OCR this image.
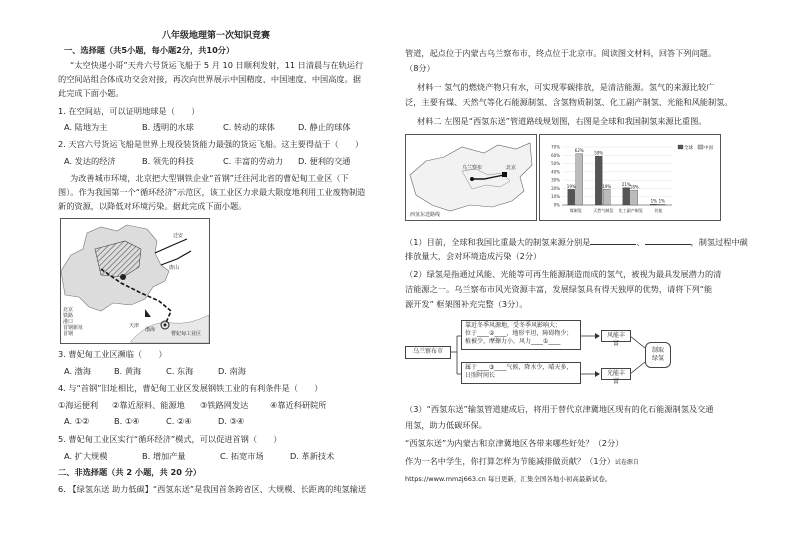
八年级地理第一次知识竞赛
一、选择题（共5小题，每小题2分，共10分）
“太空快递小哥”天舟六号货运飞船于 5 月 10 日顺利发射，11 日清晨与在轨运行
的空间站组合体成功交会对接，再次向世界展示中国精度、中国速度、中国高度。据
此完成下面小题。
1. 在空间站，可以证明地球是（　　）
A. 陆地为主	B. 透明的水球	C. 转动的球体	D. 静止的球体
2. 天宫六号货运飞船是世界上现役装货能力最强的货运飞船。这主要得益于（　　）
A. 发达的经济	B. 领先的科技	C. 丰富的劳动力 D. 便利的交通
为改善城市环境，北京把大型钢铁企业“首钢”迁往河北省的曹妃甸工业区（下
图）。作为我国第一个“循环经济”示范区，该工业区力求最大限度地利用工业废物制造
新的资源，以降低对环境污染。据此完成下面小题。
迁安
唐山
天津
渤海
曹妃甸工业区
北京
铁路
港口
首钢新址
首钢
3. 曹妃甸工业区濒临（　　）
A. 渤海	B. 黄海	C. 东海	D. 南海
4. 与“首钢”旧址相比，曹妃甸工业区发展钢铁工业的有利条件是（　　）
①海运便利 ②靠近原料、能源地 ③铁路网发达	④靠近科研院所
A. ①②	B. ①④	C. ②④	D. ③④
5. 曹妃甸工业区实行“循环经济”模式，可以促进首钢（　　）
A. 扩大规模	B. 增加产量	C. 拓宽市场	D. 革新技术
二、非选择题（共 2 小题，共 20 分）
6. 【绿氢东送 助力低碳】“西氢东送”是我国首条跨省区、大规模、长距离的纯氢输送
管道，起点位于内蒙古乌兰察布市，终点位于北京市。阅读图文材料，回答下列问题。
（8分）
材料一 氢气的燃烧产物只有水，可实现零碳排放，是清洁能源。氢气的来源比较广
泛，主要有煤、天然气等化石能源制氢、含氢物质制氢、化工副产制氢、光能和风能制氢。
材料二 左图是“西氢东送”管道路线规划图，右图是全球和我国制氢来源比重图。
乌兰察布	北京
西氢东送路线
0%
10%
20%
30%
40%
50%
60%
70%
19%
62%
煤制氢
59%
19%
天然气制氢
21% 18%
化工副产制氢
1% 1%
其他
全球 中国
（1）目前，全球和我国比重最大的制氢来源分别是	、	，制氢过程中碳
排放量大，会对环境造成污染（2分）
（2）绿氢是指通过风能、光能等可再生能源制造而成的氢气，被视为最具发展潜力的清
洁能源之一。乌兰察布市风光资源丰富，发展绿氢具有得天独厚的优势，请将下列“能
源开发” 框架图补充完整（3分）。
乌兰察布市
靠近冬季风源地，受冬季风影响大；
位于____②____，地形平坦，障碍物少；
植被少，摩擦力小，风力____①____
风能丰富
属于____③____气候，降水少，晴天多，
日照时间长	光能丰富
制取
绿氢
（3）“西氢东送”输氢管道建成后，将用于替代京津冀地区现有的化石能源制氢及交通
用氢，助力低碳环保。
“西氢东送”为内蒙古和京津冀地区各带来哪些好处？（2分）
作为一名中学生，你打算怎样为节能减排做贡献？（1分）试卷源自
https://www.mmzj663.cn 每日更新，汇集全国各地小初高最新试卷。
